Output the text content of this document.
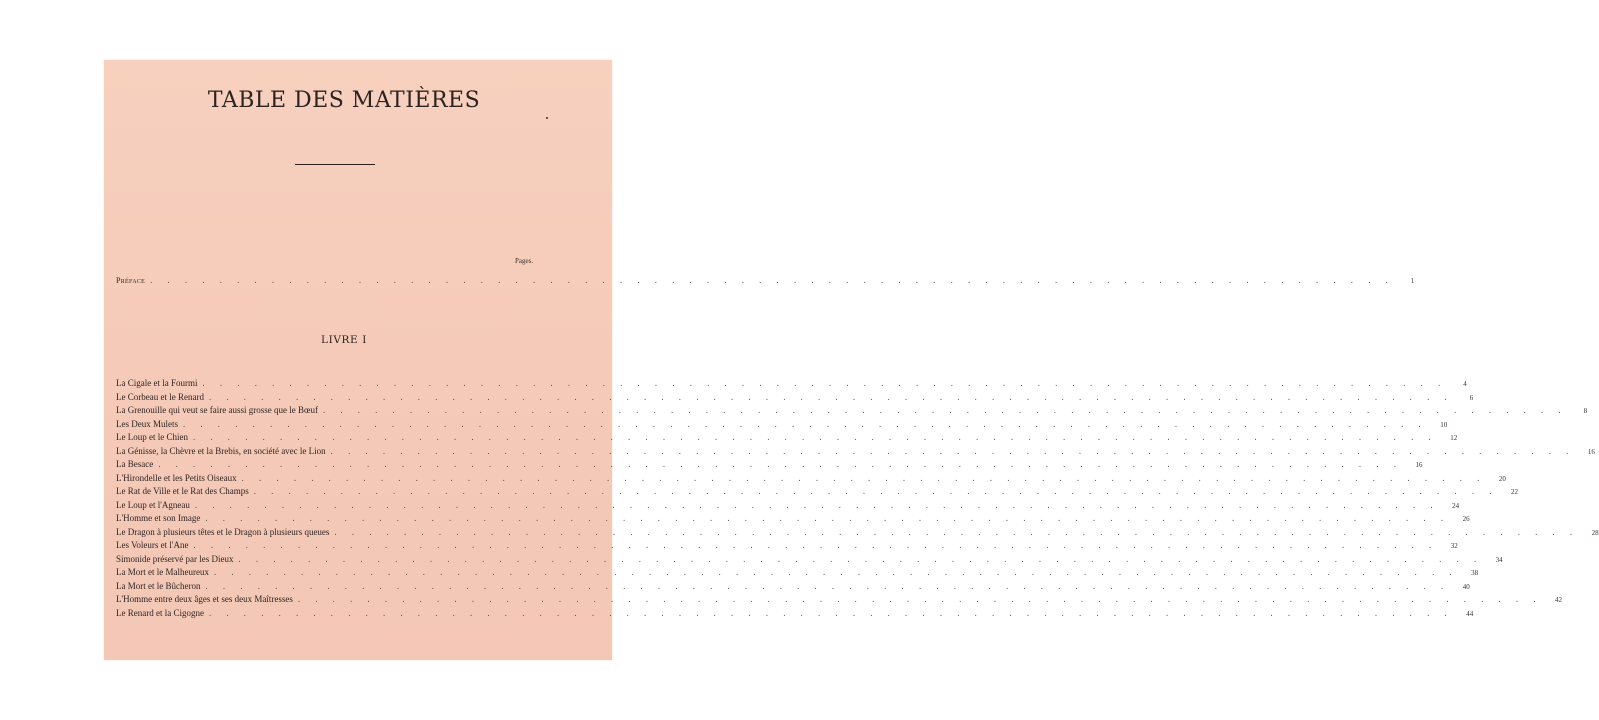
TABLE DES MATIÈRES
Pages.
Préface . . . . . . . . . . . . . . . . . . . . . . . . . . . . . . . . . . . . . . . . . . . . . . . . . . . . . . . . . . . . . . . . . . . . . . . .	1
LIVRE I
La Cigale et la Fourmi . . . . . . . . . . . . . . . . . . . . . . . . . . . . . . . . . . . . . . . . . . . . . . . . . . . . . . . . . . . . . . . . . . . . . . . .	4
Le Corbeau et le Renard . . . . . . . . . . . . . . . . . . . . . . . . . . . . . . . . . . . . . . . . . . . . . . . . . . . . . . . . . . . . . . . . . . . . . . . .	6
La Grenouille qui veut se faire aussi grosse que le Bœuf . . . . . . . . . . . . . . . . . . . . . . . . . . . . . . . . . . . . . . . . . . . . . . . . . . . . . . . . . . . . . . . . . . . . . . . .	8
Les Deux Mulets . . . . . . . . . . . . . . . . . . . . . . . . . . . . . . . . . . . . . . . . . . . . . . . . . . . . . . . . . . . . . . . . . . . . . . . .	10
Le Loup et le Chien . . . . . . . . . . . . . . . . . . . . . . . . . . . . . . . . . . . . . . . . . . . . . . . . . . . . . . . . . . . . . . . . . . . . . . . .	12
La Génisse, la Chèvre et la Brebis, en société avec le Lion . . . . . . . . . . . . . . . . . . . . . . . . . . . . . . . . . . . . . . . . . . . . . . . . . . . . . . . . . . . . . . . . . . . . . . . .	16
La Besace . . . . . . . . . . . . . . . . . . . . . . . . . . . . . . . . . . . . . . . . . . . . . . . . . . . . . . . . . . . . . . . . . . . . . . . .	16
L'Hirondelle et les Petits Oiseaux . . . . . . . . . . . . . . . . . . . . . . . . . . . . . . . . . . . . . . . . . . . . . . . . . . . . . . . . . . . . . . . . . . . . . . . .	20
Le Rat de Ville et le Rat des Champs . . . . . . . . . . . . . . . . . . . . . . . . . . . . . . . . . . . . . . . . . . . . . . . . . . . . . . . . . . . . . . . . . . . . . . . .	22
Le Loup et l'Agneau . . . . . . . . . . . . . . . . . . . . . . . . . . . . . . . . . . . . . . . . . . . . . . . . . . . . . . . . . . . . . . . . . . . . . . . .	24
L'Homme et son Image . . . . . . . . . . . . . . . . . . . . . . . . . . . . . . . . . . . . . . . . . . . . . . . . . . . . . . . . . . . . . . . . . . . . . . . .	26
Le Dragon à plusieurs têtes et le Dragon à plusieurs queues . . . . . . . . . . . . . . . . . . . . . . . . . . . . . . . . . . . . . . . . . . . . . . . . . . . . . . . . . . . . . . . . . . . . . . . .	28
Les Voleurs et l'Ane . . . . . . . . . . . . . . . . . . . . . . . . . . . . . . . . . . . . . . . . . . . . . . . . . . . . . . . . . . . . . . . . . . . . . . . .	32
Simonide préservé par les Dieux . . . . . . . . . . . . . . . . . . . . . . . . . . . . . . . . . . . . . . . . . . . . . . . . . . . . . . . . . . . . . . . . . . . . . . . .	34
La Mort et le Malheureux . . . . . . . . . . . . . . . . . . . . . . . . . . . . . . . . . . . . . . . . . . . . . . . . . . . . . . . . . . . . . . . . . . . . . . . .	38
La Mort et le Bûcheron . . . . . . . . . . . . . . . . . . . . . . . . . . . . . . . . . . . . . . . . . . . . . . . . . . . . . . . . . . . . . . . . . . . . . . . .	40
L'Homme entre deux âges et ses deux Maîtresses . . . . . . . . . . . . . . . . . . . . . . . . . . . . . . . . . . . . . . . . . . . . . . . . . . . . . . . . . . . . . . . . . . . . . . . .	42
Le Renard et la Cigogne . . . . . . . . . . . . . . . . . . . . . . . . . . . . . . . . . . . . . . . . . . . . . . . . . . . . . . . . . . . . . . . . . . . . . . . .	44
